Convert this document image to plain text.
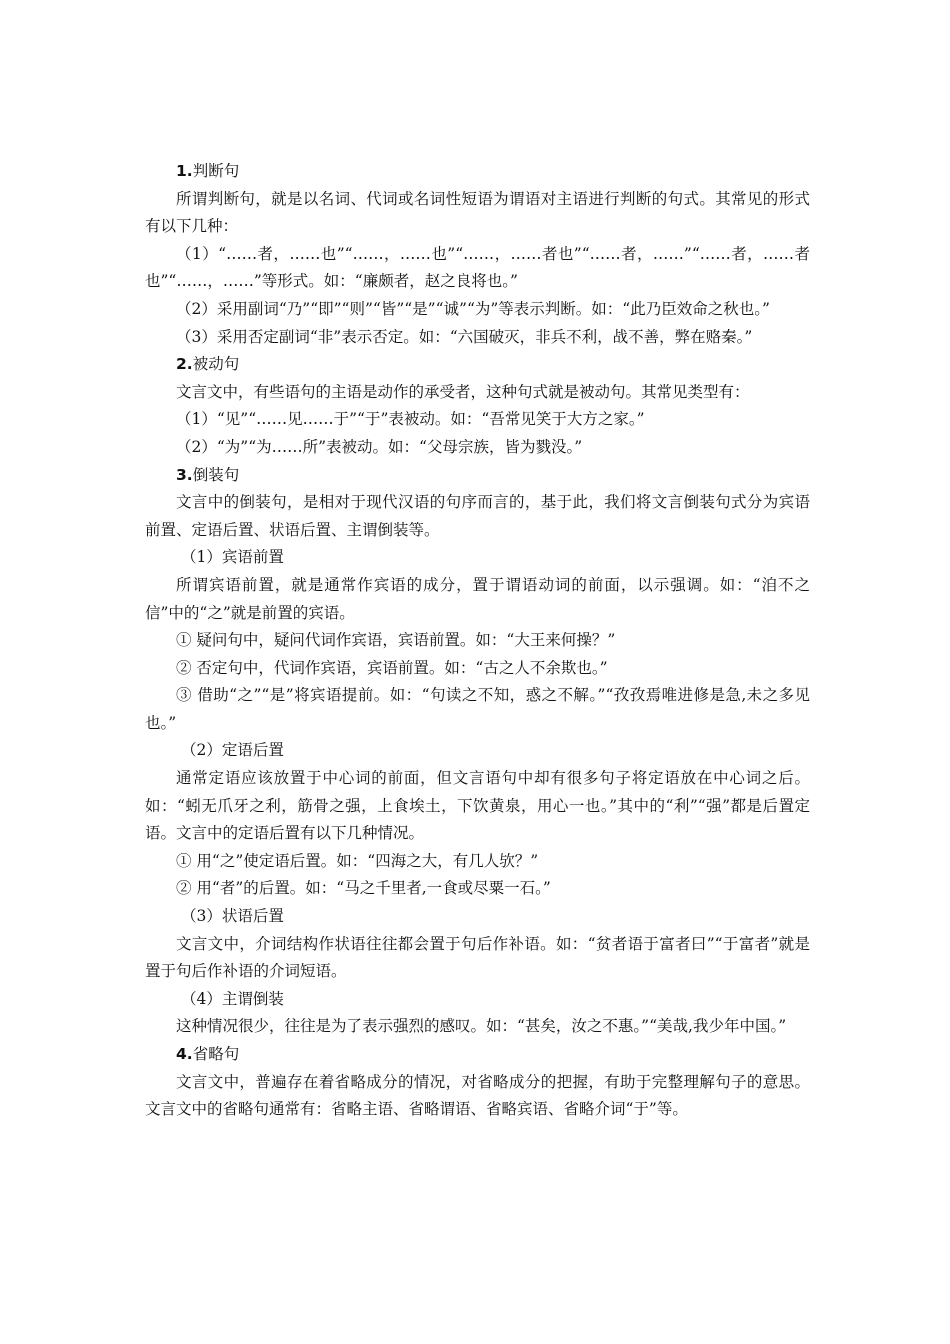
1.判断句

所谓判断句，就是以名词、代词或名词性短语为谓语对主语进行判断的句式。其常见的形式有以下几种：

（1）“……者，……也”“……，……也”“……，……者也”“……者，……”“……者，……者也”“……，……”等形式。如：“廉颇者，赵之良将也。”

（2）采用副词“乃”“即”“则”“皆”“是”“诚”“为”等表示判断。如：“此乃臣效命之秋也。”

（3）采用否定副词“非”表示否定。如：“六国破灭，非兵不利，战不善，弊在赂秦。”

2.被动句

文言文中，有些语句的主语是动作的承受者，这种句式就是被动句。其常见类型有：

（1）“见”“……见……于”“于”表被动。如：“吾常见笑于大方之家。”

（2）“为”“为……所”表被动。如：“父母宗族，皆为戮没。”

3.倒装句

文言中的倒装句，是相对于现代汉语的句序而言的，基于此，我们将文言倒装句式分为宾语前置、定语后置、状语后置、主谓倒装等。

（1）宾语前置

所谓宾语前置，就是通常作宾语的成分，置于谓语动词的前面，以示强调。如：“洎不之信”中的“之”就是前置的宾语。

① 疑问句中，疑问代词作宾语，宾语前置。如：“大王来何操？”

② 否定句中，代词作宾语，宾语前置。如：“古之人不余欺也。”

③ 借助“之”“是”将宾语提前。如：“句读之不知，惑之不解。”“孜孜焉唯进修是急,未之多见也。”

（2）定语后置

通常定语应该放置于中心词的前面，但文言语句中却有很多句子将定语放在中心词之后。如：“蚓无爪牙之利，筋骨之强，上食埃土，下饮黄泉，用心一也。”其中的“利”“强”都是后置定语。文言中的定语后置有以下几种情况。

① 用“之”使定语后置。如：“四海之大，有几人欤？”

② 用“者”的后置。如：“马之千里者,一食或尽粟一石。”

（3）状语后置

文言文中，介词结构作状语往往都会置于句后作补语。如：“贫者语于富者曰”“于富者”就是置于句后作补语的介词短语。

（4）主谓倒装

这种情况很少，往往是为了表示强烈的感叹。如：“甚矣，汝之不惠。”“美哉,我少年中国。”

4.省略句

文言文中，普遍存在着省略成分的情况，对省略成分的把握，有助于完整理解句子的意思。文言文中的省略句通常有：省略主语、省略谓语、省略宾语、省略介词“于”等。
